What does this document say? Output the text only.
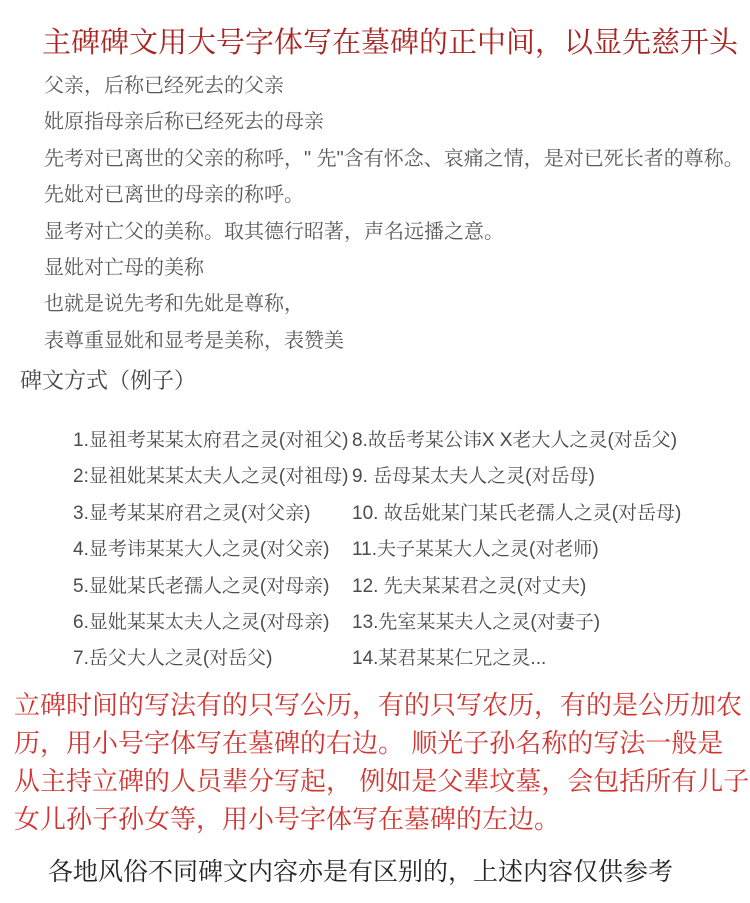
主碑碑文用大号字体写在墓碑的正中间，以显先慈开头

父亲，后称已经死去的父亲

妣原指母亲后称已经死去的母亲

先考对已离世的父亲的称呼，" 先"含有怀念、哀痛之情，是对已死长者的尊称。

先妣对已离世的母亲的称呼。

显考对亡父的美称。取其德行昭著，声名远播之意。

显妣对亡母的美称

也就是说先考和先妣是尊称，

表尊重显妣和显考是美称，表赞美

碑文方式（例子）
1.显祖考某某太府君之灵(对祖父) 8.故岳考某公讳X X老大人之灵(对岳父)
2:显祖妣某某太夫人之灵(对祖母) 9. 岳母某太夫人之灵(对岳母)
3.显考某某府君之灵(对父亲)	10. 故岳妣某门某氏老孺人之灵(对岳母)
4.显考讳某某大人之灵(对父亲)	11.夫子某某大人之灵(对老师)
5.显妣某氏老孺人之灵(对母亲)	12. 先夫某某君之灵(对丈夫)
6.显妣某某太夫人之灵(对母亲)	13.先室某某夫人之灵(对妻子)
7.岳父大人之灵(对岳父)	14.某君某某仁兄之灵...

立碑时间的写法有的只写公历，有的只写农历，有的是公历加农

历，用小号字体写在墓碑的右边。 顺光子孙名称的写法一般是

从主持立碑的人员辈分写起， 例如是父辈坟墓，会包括所有儿子

女儿孙子孙女等，用小号字体写在墓碑的左边。

各地风俗不同碑文内容亦是有区别的，上述内容仅供参考
